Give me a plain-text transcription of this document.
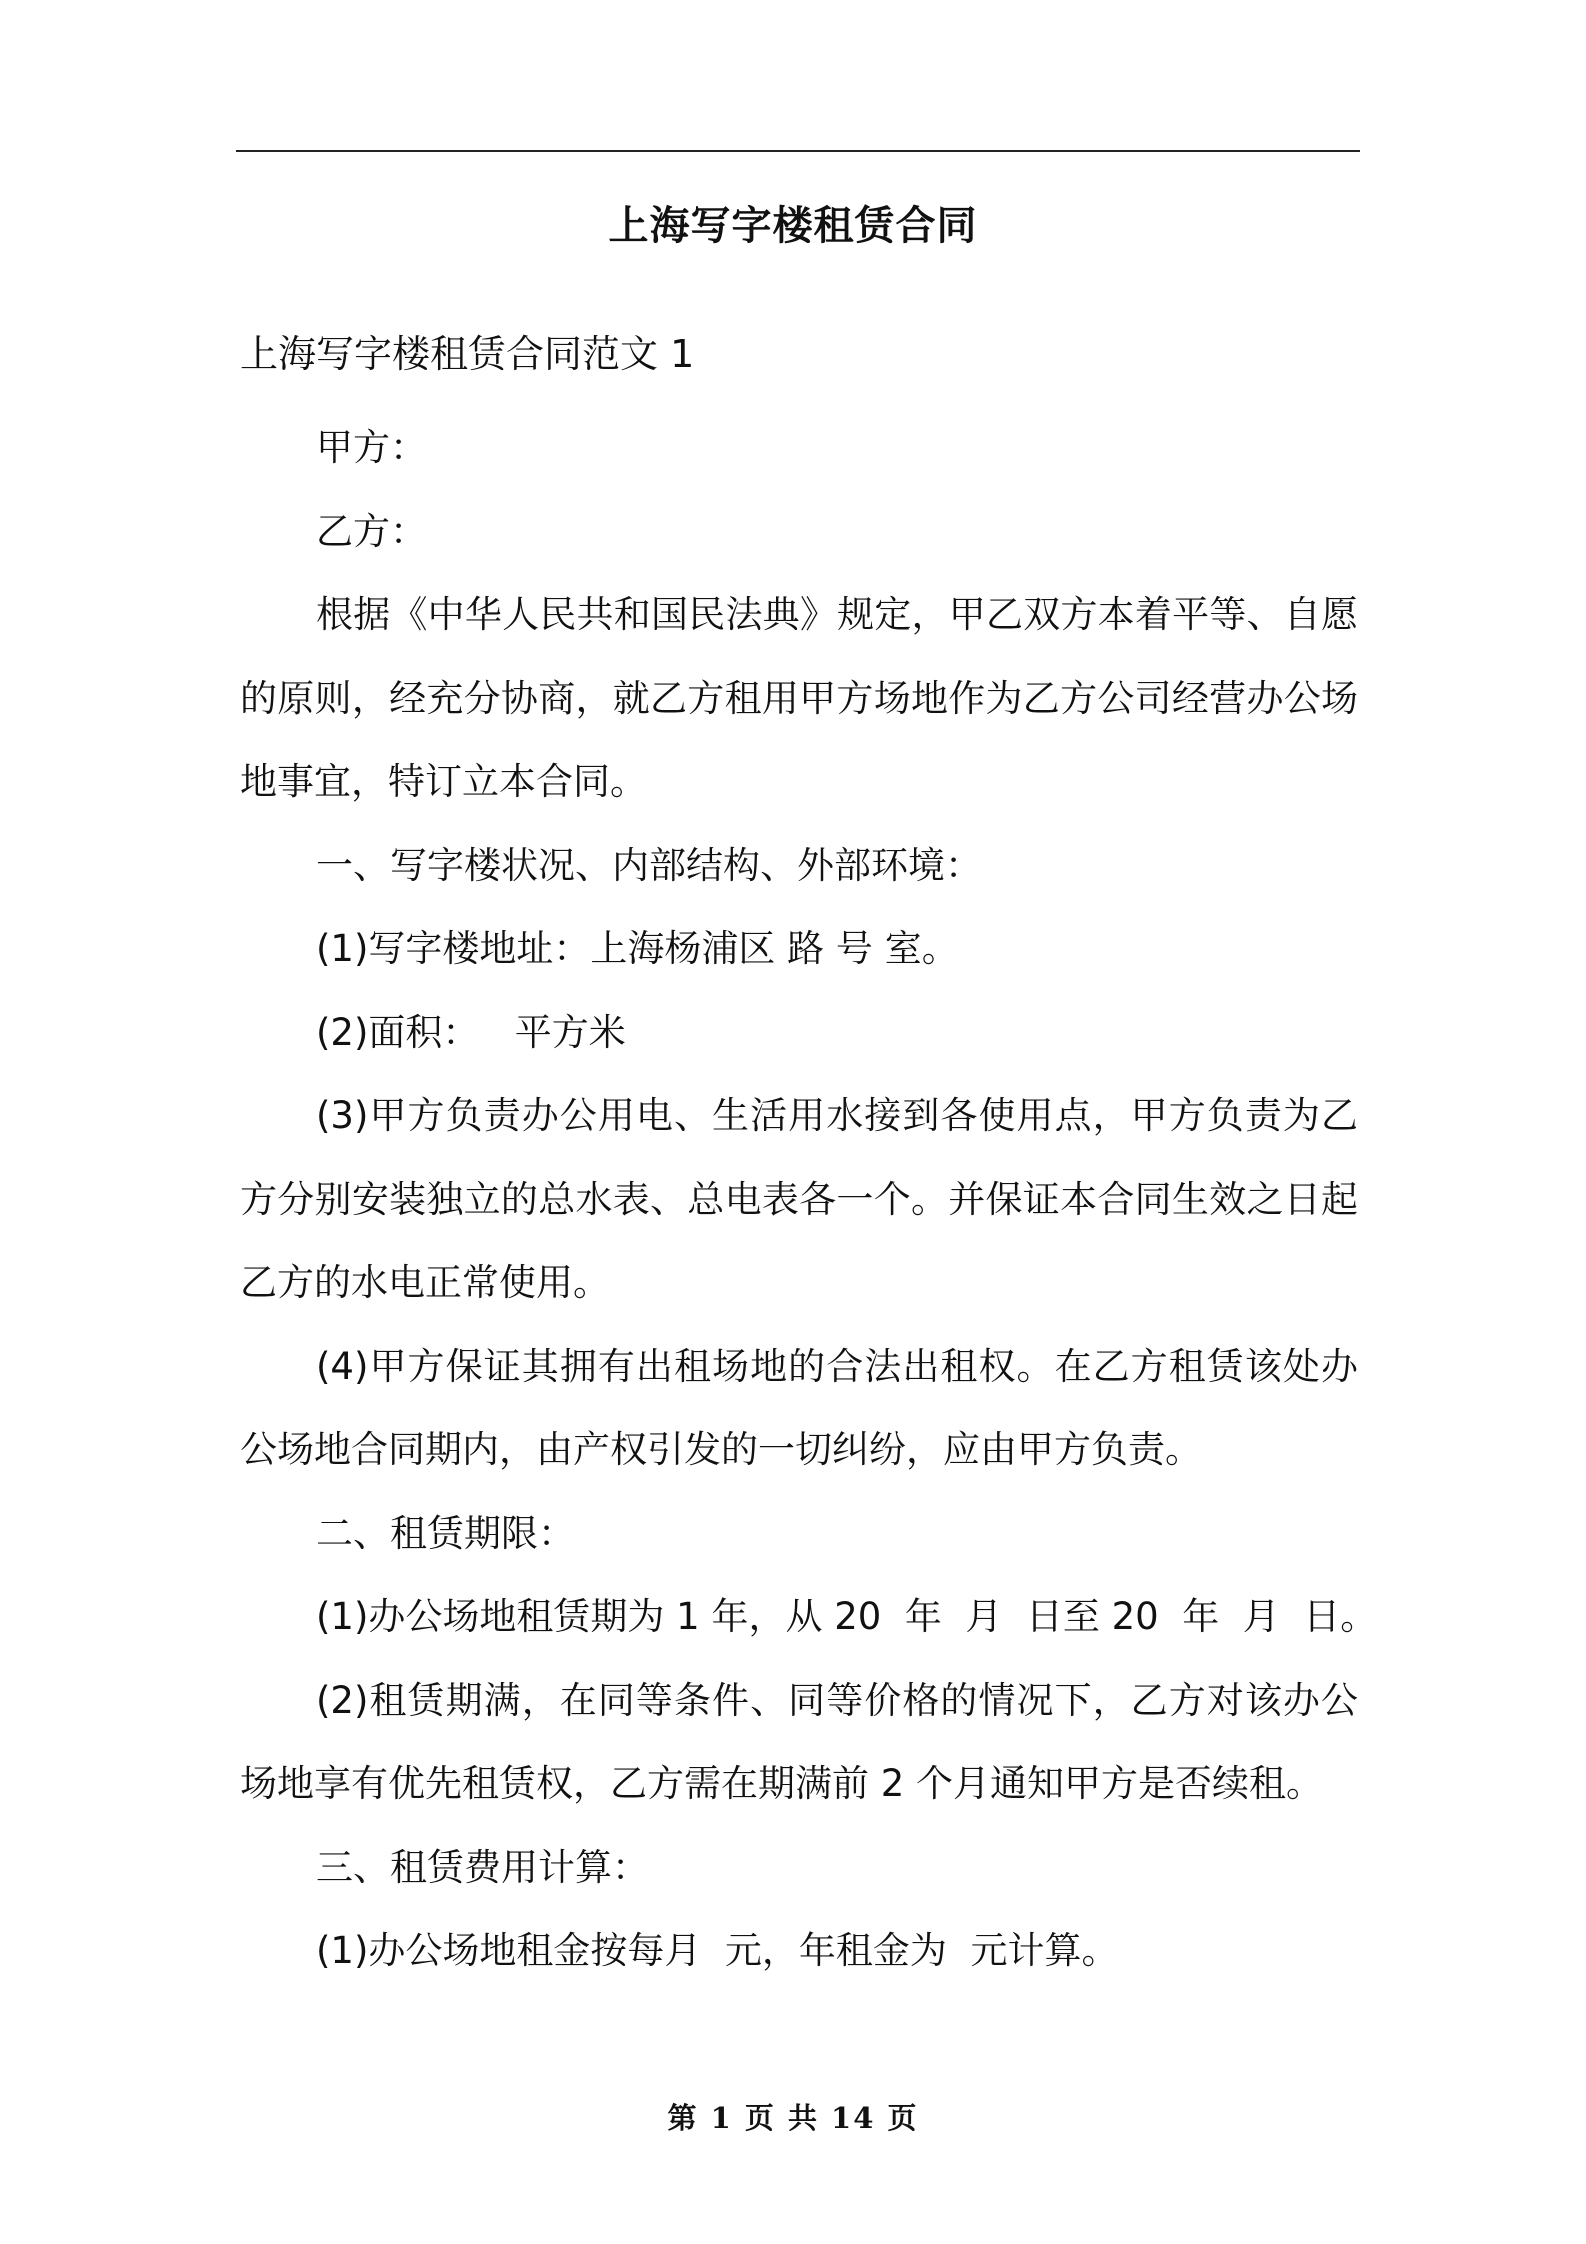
上海写字楼租赁合同
上海写字楼租赁合同范文 1

甲方：

乙方：

根据《中华人民共和国民法典》规定，甲乙双方本着平等、自愿的原则，经充分协商，就乙方租用甲方场地作为乙方公司经营办公场地事宜，特订立本合同。

一、写字楼状况、内部结构、外部环境：

(1)写字楼地址：上海杨浦区 路 号 室。

(2)面积：   平方米

(3)甲方负责办公用电、生活用水接到各使用点，甲方负责为乙方分别安装独立的总水表、总电表各一个。并保证本合同生效之日起乙方的水电正常使用。

(4)甲方保证其拥有出租场地的合法出租权。在乙方租赁该处办公场地合同期内，由产权引发的一切纠纷，应由甲方负责。

二、租赁期限：

(1)办公场地租赁期为 1 年，从 20  年  月  日至 20  年  月  日。

(2)租赁期满，在同等条件、同等价格的情况下，乙方对该办公场地享有优先租赁权，乙方需在期满前 2 个月通知甲方是否续租。

三、租赁费用计算：

(1)办公场地租金按每月  元，年租金为  元计算。

第 1 页 共 14 页
